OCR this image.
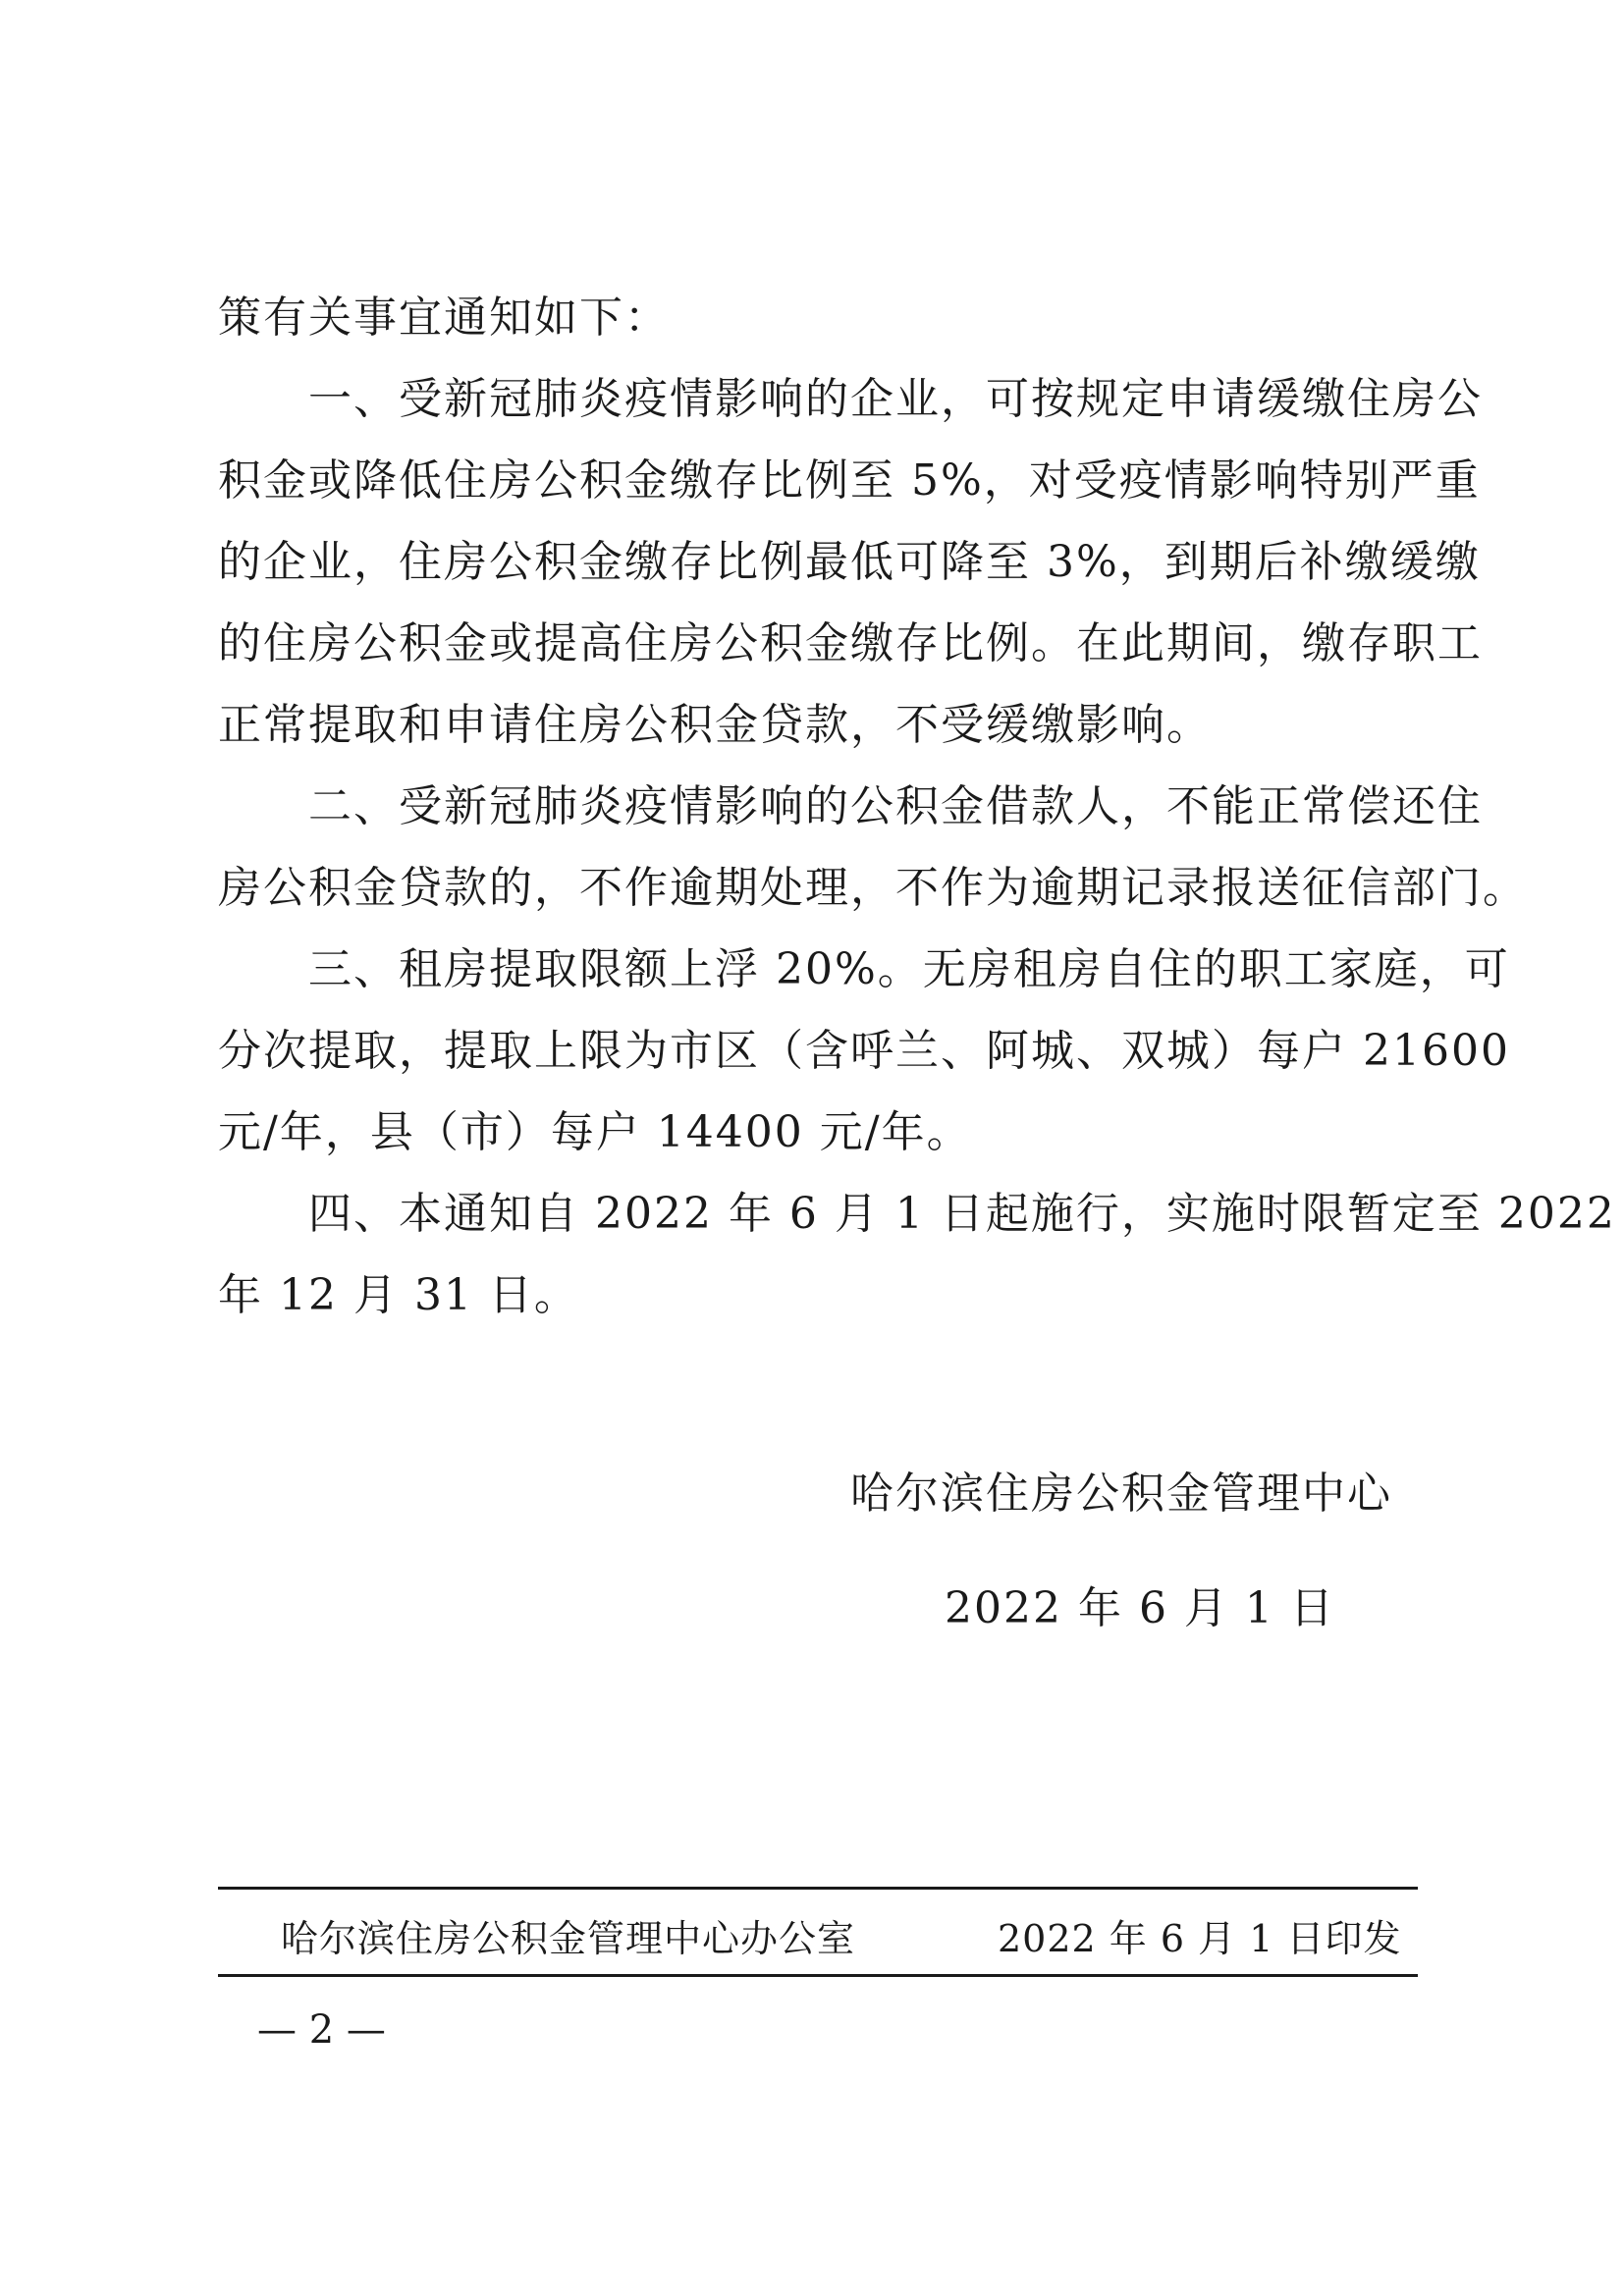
策有关事宜通知如下：
　　一、受新冠肺炎疫情影响的企业，可按规定申请缓缴住房公
积金或降低住房公积金缴存比例至 5%，对受疫情影响特别严重
的企业，住房公积金缴存比例最低可降至 3%，到期后补缴缓缴
的住房公积金或提高住房公积金缴存比例。在此期间，缴存职工
正常提取和申请住房公积金贷款，不受缓缴影响。
　　二、受新冠肺炎疫情影响的公积金借款人，不能正常偿还住
房公积金贷款的，不作逾期处理，不作为逾期记录报送征信部门。
　　三、租房提取限额上浮 20%。无房租房自住的职工家庭，可
分次提取，提取上限为市区（含呼兰、阿城、双城）每户 21600
元/年，县（市）每户 14400 元/年。
　　四、本通知自 2022 年 6 月 1 日起施行，实施时限暂定至 2022
年 12 月 31 日。
哈尔滨住房公积金管理中心
2022 年 6 月 1 日
哈尔滨住房公积金管理中心办公室	2022 年 6 月 1 日印发
— 2 —
